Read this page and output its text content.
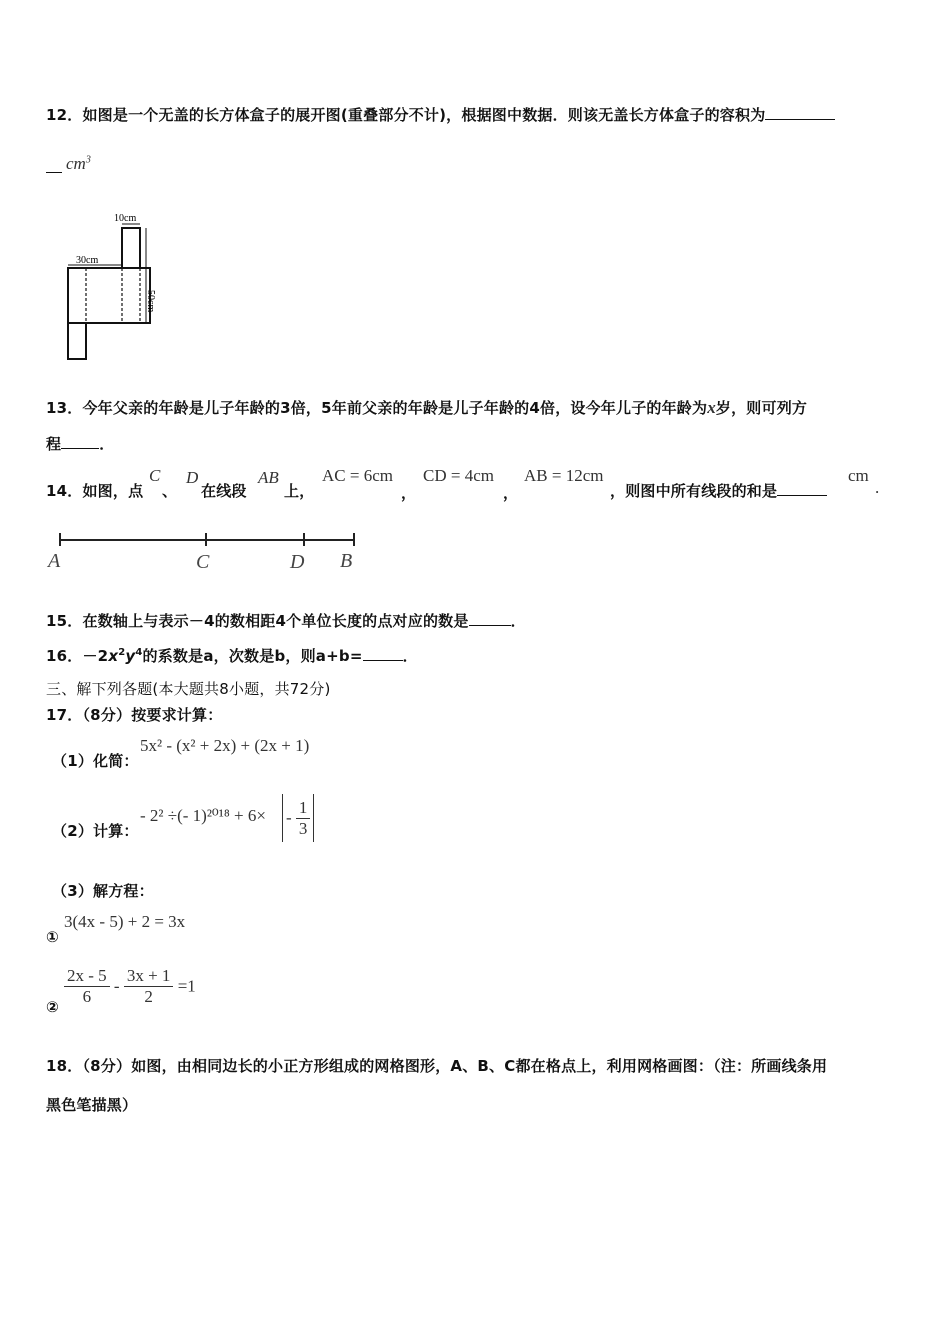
12．如图是一个无盖的长方体盒子的展开图(重叠部分不计)，根据图中数据．则该无盖长方体盒子的容积为
$cm^3$
10cm
30cm
50cm
13．今年父亲的年龄是儿子年龄的3倍，5年前父亲的年龄是儿子年龄的4倍，设今年儿子的年龄为x岁，则可列方
程	．
14．如图，点
C
、
D
在线段
AB
上，
AC = 6cm
，
CD = 4cm
，
AB = 12cm
，则图中所有线段的和是
cm
.
A	C	D B
15．在数轴上与表示－4的数相距4个单位长度的点对应的数是	．
16．$-2x^2y^4$的系数是a，次数是b，则a+b=	．
三、解下列各题(本大题共8小题，共72分)
17．（8分）按要求计算：
（1）化简：
5x² - (x² + 2x) + (2x + 1)
（2）计算：
- 2² ÷(- $1)^{2018} + 6\times - \frac{1}{3}$
（3）解方程：
①
3(4x - 5) + 2 = 3x
② $\frac{2x - 5}{6} - \frac{3x + 1}{2} =1$
18．（8分）如图，由相同边长的小正方形组成的网格图形，A、B、C都在格点上，利用网格画图：（注：所画线条用
黑色笔描黑）
